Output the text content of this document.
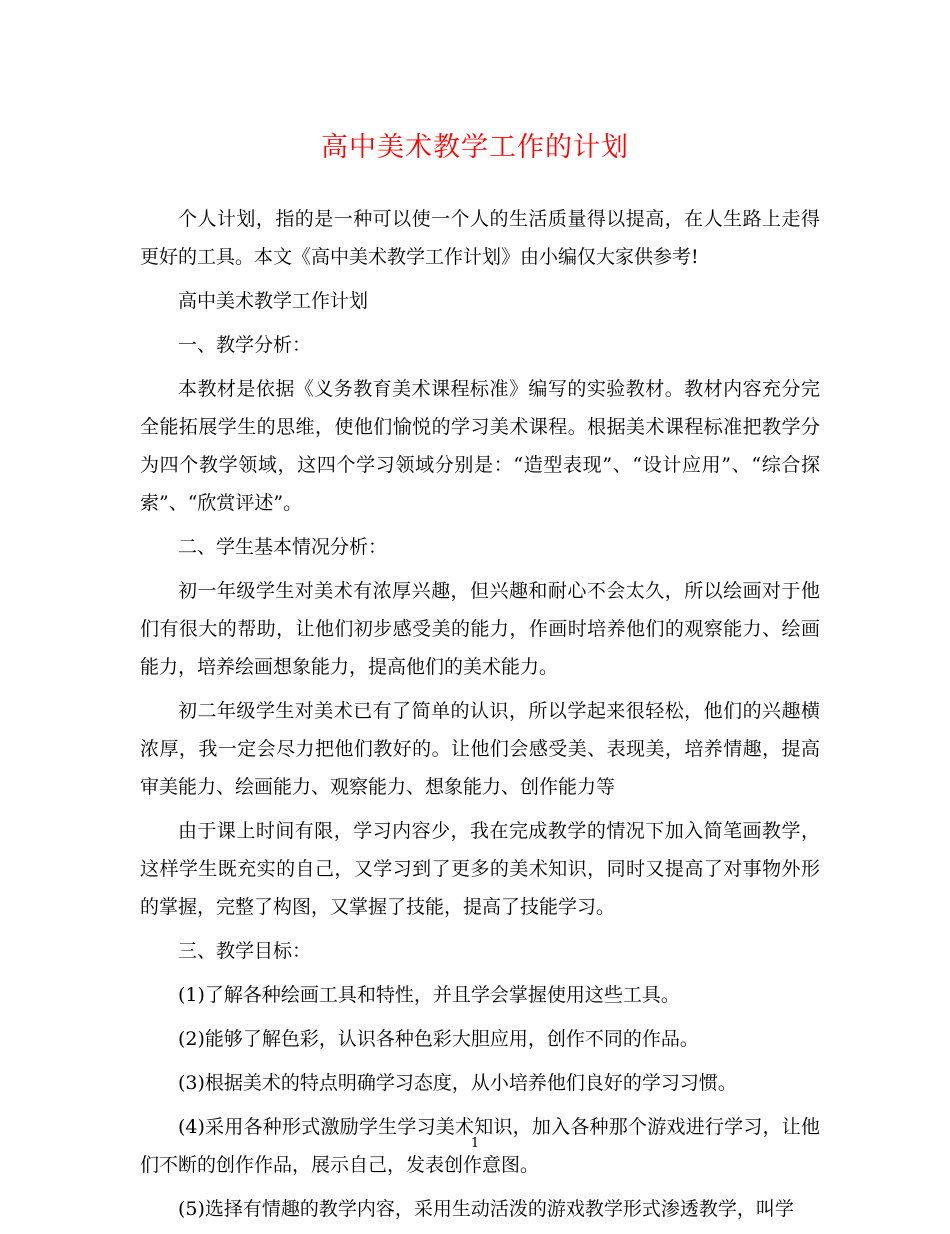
高中美术教学工作的计划

个人计划，指的是一种可以使一个人的生活质量得以提高，在人生路上走得更好的工具。本文《高中美术教学工作计划》由小编仅大家供参考!

高中美术教学工作计划

一、教学分析：

本教材是依据《义务教育美术课程标准》编写的实验教材。教材内容充分完全能拓展学生的思维，使他们愉悦的学习美术课程。根据美术课程标准把教学分为四个教学领域，这四个学习领域分别是：“造型表现”、“设计应用”、“综合探索”、“欣赏评述”。

二、学生基本情况分析：

初一年级学生对美术有浓厚兴趣，但兴趣和耐心不会太久，所以绘画对于他们有很大的帮助，让他们初步感受美的能力，作画时培养他们的观察能力、绘画能力，培养绘画想象能力，提高他们的美术能力。

初二年级学生对美术已有了简单的认识，所以学起来很轻松，他们的兴趣横浓厚，我一定会尽力把他们教好的。让他们会感受美、表现美，培养情趣，提高审美能力、绘画能力、观察能力、想象能力、创作能力等

由于课上时间有限，学习内容少，我在完成教学的情况下加入简笔画教学，这样学生既充实的自己，又学习到了更多的美术知识，同时又提高了对事物外形的掌握，完整了构图，又掌握了技能，提高了技能学习。

三、教学目标：

(1)了解各种绘画工具和特性，并且学会掌握使用这些工具。

(2)能够了解色彩，认识各种色彩大胆应用，创作不同的作品。

(3)根据美术的特点明确学习态度，从小培养他们良好的学习习惯。

(4)采用各种形式激励学生学习美术知识，加入各种那个游戏进行学习，让他们不断的创作作品，展示自己，发表创作意图。

(5)选择有情趣的教学内容，采用生动活泼的游戏教学形式渗透教学，叫学

1
